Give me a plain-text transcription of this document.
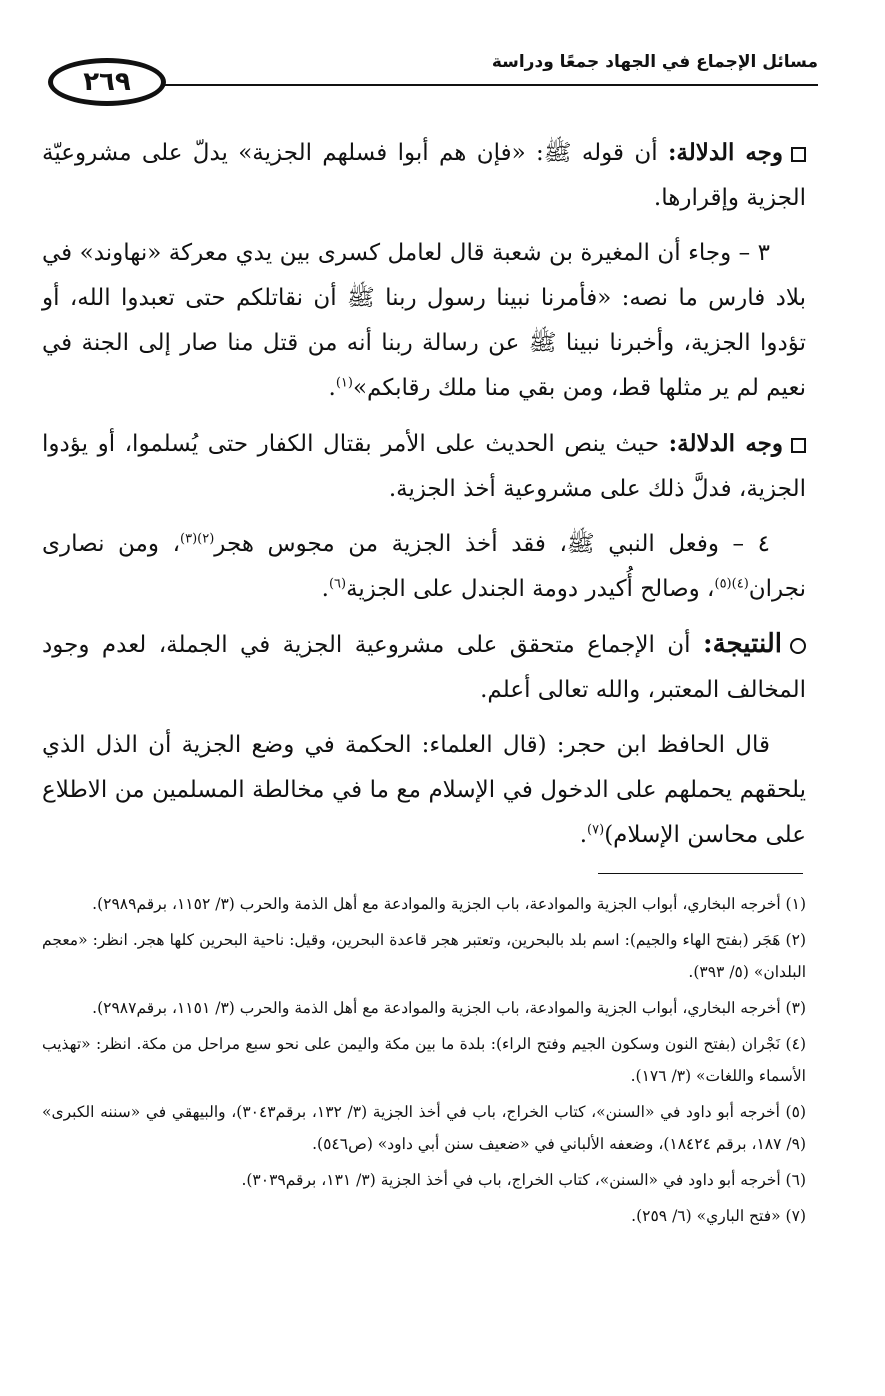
٢٦٩
مسائل الإجماع في الجهاد جمعًا ودراسة

وجه الدلالة: أن قوله ﷺ: «فإن هم أبوا فسلهم الجزية» يدلّ على مشروعيّة الجزية وإقرارها.

٣ – وجاء أن المغيرة بن شعبة قال لعامل كسرى بين يدي معركة «نهاوند» في بلاد فارس ما نصه: «فأمرنا نبينا رسول ربنا ﷺ أن نقاتلكم حتى تعبدوا الله، أو تؤدوا الجزية، وأخبرنا نبينا ﷺ عن رسالة ربنا أنه من قتل منا صار إلى الجنة في نعيم لم ير مثلها قط، ومن بقي منا ملك رقابكم»$^{(١)}$.

وجه الدلالة: حيث ينص الحديث على الأمر بقتال الكفار حتى يُسلموا، أو يؤدوا الجزية، فدلَّ ذلك على مشروعية أخذ الجزية.

٤ – وفعل النبي ﷺ، فقد أخذ الجزية من مجوس هجر$^{(٢)(٣)}$، ومن نصارى نجران$^{(٤)(٥)}$، وصالح أُكيدر دومة الجندل على الجزية$^{(٦)}$.

النتيجة: أن الإجماع متحقق على مشروعية الجزية في الجملة، لعدم وجود المخالف المعتبر، والله تعالى أعلم.

قال الحافظ ابن حجر: (قال العلماء: الحكمة في وضع الجزية أن الذل الذي يلحقهم يحملهم على الدخول في الإسلام مع ما في مخالطة المسلمين من الاطلاع على محاسن الإسلام)$^{(٧)}$.

(١) أخرجه البخاري، أبواب الجزية والموادعة، باب الجزية والموادعة مع أهل الذمة والحرب (٣/ ١١٥٢، برقم٢٩٨٩).

(٢) هَجَر (بفتح الهاء والجيم): اسم بلد بالبحرين، وتعتبر هجر قاعدة البحرين، وقيل: ناحية البحرين كلها هجر. انظر: «معجم البلدان» (٥/ ٣٩٣).

(٣) أخرجه البخاري، أبواب الجزية والموادعة، باب الجزية والموادعة مع أهل الذمة والحرب (٣/ ١١٥١، برقم٢٩٨٧).

(٤) نَجْران (بفتح النون وسكون الجيم وفتح الراء): بلدة ما بين مكة واليمن على نحو سبع مراحل من مكة. انظر: «تهذيب الأسماء واللغات» (٣/ ١٧٦).

(٥) أخرجه أبو داود في «السنن»، كتاب الخراج، باب في أخذ الجزية (٣/ ١٣٢، برقم٣٠٤٣)، والبيهقي في «سننه الكبرى» (٩/ ١٨٧، برقم ١٨٤٢٤)، وضعفه الألباني في «ضعيف سنن أبي داود» (ص٥٤٦).

(٦) أخرجه أبو داود في «السنن»، كتاب الخراج، باب في أخذ الجزية (٣/ ١٣١، برقم٣٠٣٩).

(٧) «فتح الباري» (٦/ ٢٥٩).
